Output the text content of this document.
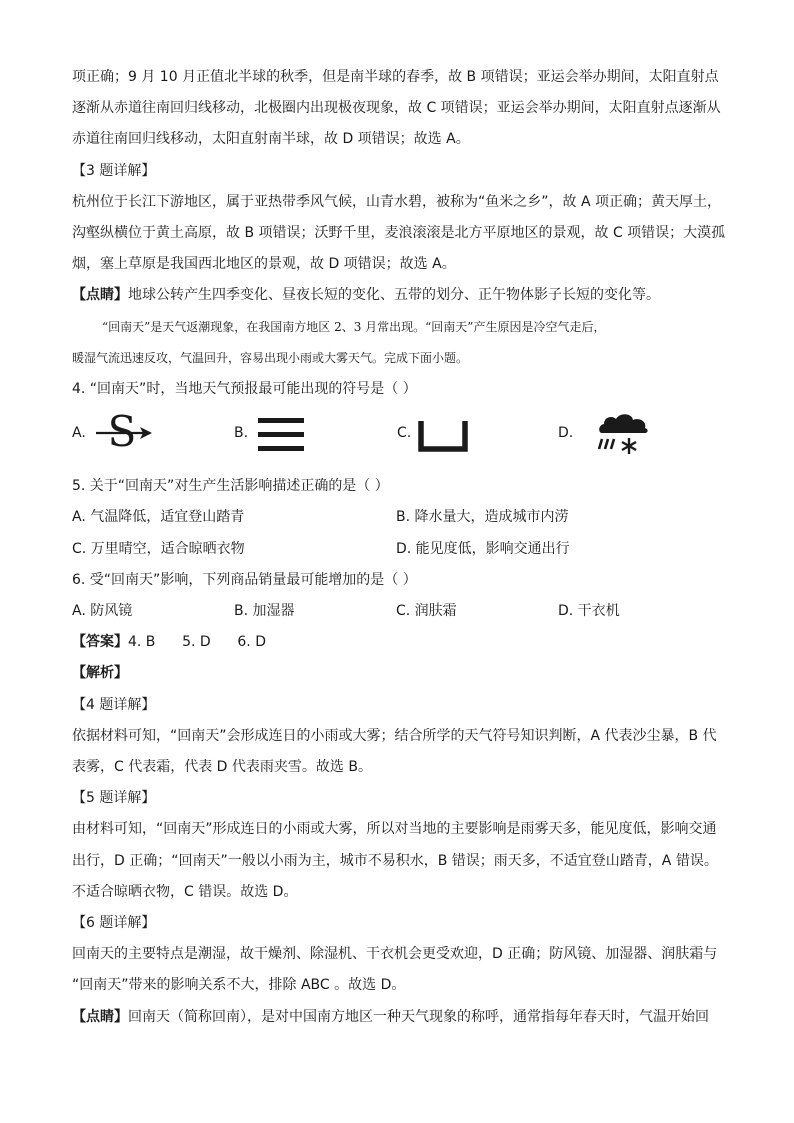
项正确；9 月 10 月正值北半球的秋季，但是南半球的春季，故 B 项错误；亚运会举办期间，太阳直射点

逐渐从赤道往南回归线移动，北极圈内出现极夜现象，故 C 项错误；亚运会举办期间，太阳直射点逐渐从

赤道往南回归线移动，太阳直射南半球，故 D 项错误；故选 A。

【3 题详解】

杭州位于长江下游地区，属于亚热带季风气候，山青水碧，被称为“鱼米之乡”，故 A 项正确；黄天厚土，

沟壑纵横位于黄土高原，故 B 项错误；沃野千里，麦浪滚滚是北方平原地区的景观，故 C 项错误；大漠孤

烟，塞上草原是我国西北地区的景观，故 D 项错误；故选 A。

【点睛】地球公转产生四季变化、昼夜长短的变化、五带的划分、正午物体影子长短的变化等。

“回南天”是天气返潮现象，在我国南方地区 2、3 月常出现。“回南天”产生原因是冷空气走后，

暖湿气流迅速反攻，气温回升，容易出现小雨或大雾天气。完成下面小题。

4. “回南天”时，当地天气预报最可能出现的符号是（ ）

A. S	B.	C.	D.

5. 关于“回南天”对生产生活影响描述正确的是（ ）

A. 气温降低，适宜登山踏青	B. 降水量大，造成城市内涝
C. 万里晴空，适合晾晒衣物	D. 能见度低，影响交通出行

6. 受“回南天”影响，下列商品销量最可能增加的是（ ）

A. 防风镜	B. 加湿器	C. 润肤霜	D. 干衣机

【答案】4. B      5. D      6. D

【解析】

【4 题详解】

依据材料可知，“回南天”会形成连日的小雨或大雾；结合所学的天气符号知识判断，A 代表沙尘暴，B 代

表雾，C 代表霜，代表 D 代表雨夹雪。故选 B。

【5 题详解】

由材料可知，“回南天”形成连日的小雨或大雾，所以对当地的主要影响是雨雾天多，能见度低，影响交通

出行，D 正确；“回南天”一般以小雨为主，城市不易积水，B 错误；雨天多，不适宜登山踏青，A 错误。

不适合晾晒衣物，C 错误。故选 D。

【6 题详解】

回南天的主要特点是潮湿，故干燥剂、除湿机、干衣机会更受欢迎，D 正确；防风镜、加湿器、润肤霜与

“回南天”带来的影响关系不大，排除 ABC 。故选 D。

【点睛】回南天（简称回南），是对中国南方地区一种天气现象的称呼，通常指每年春天时，气温开始回
